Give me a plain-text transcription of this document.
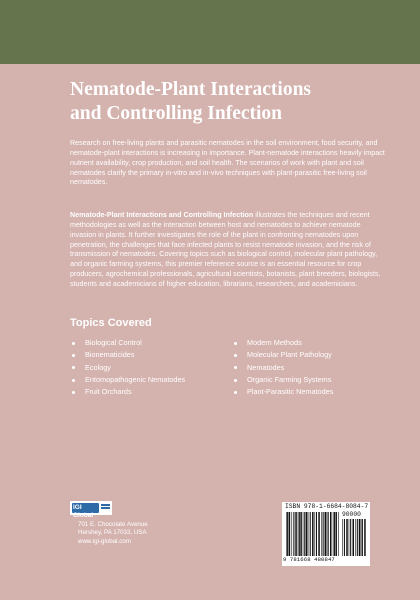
Nematode-Plant Interactions
and Controlling Infection

Research on free-living plants and parasitic nematodes in the soil environment, food security, and nematode-plant interactions is increasing in importance. Plant-nematode interactions heavily impact nutrient availability, crop production, and soil health. The scenarios of work with plant and soil nematodes clarify the primary in-vitro and in-vivo techniques with plant-parasitic free-living soil nematodes.

Nematode-Plant Interactions and Controlling Infection illustrates the techniques and recent methodologies as well as the interaction between host and nematodes to achieve nematode invasion in plants. It further investigates the role of the plant in confronting nematodes upon penetration, the challenges that face infected plants to resist nematode invasion, and the risk of transmission of nematodes. Covering topics such as biological control, molecular plant pathology, and organic farming systems, this premier reference source is an essential resource for crop producers, agrochemical professionals, agricultural scientists, botanists, plant breeders, biologists, students and academicians of higher education, librarians, researchers, and academicians.

Topics Covered
Biological Control
Bionematicides
Ecology
Entomopathogenic Nematodes
Fruit Orchards
Modern Methods
Molecular Plant Pathology
Nematodes
Organic Farming Systems
Plant-Parasitic Nematodes
IGI Global

701 E. Chocolate Avenue
Hershey, PA 17033, USA
www.igi-global.com

ISBN 978-1-6684-8084-7
90000
9 781668 480847
